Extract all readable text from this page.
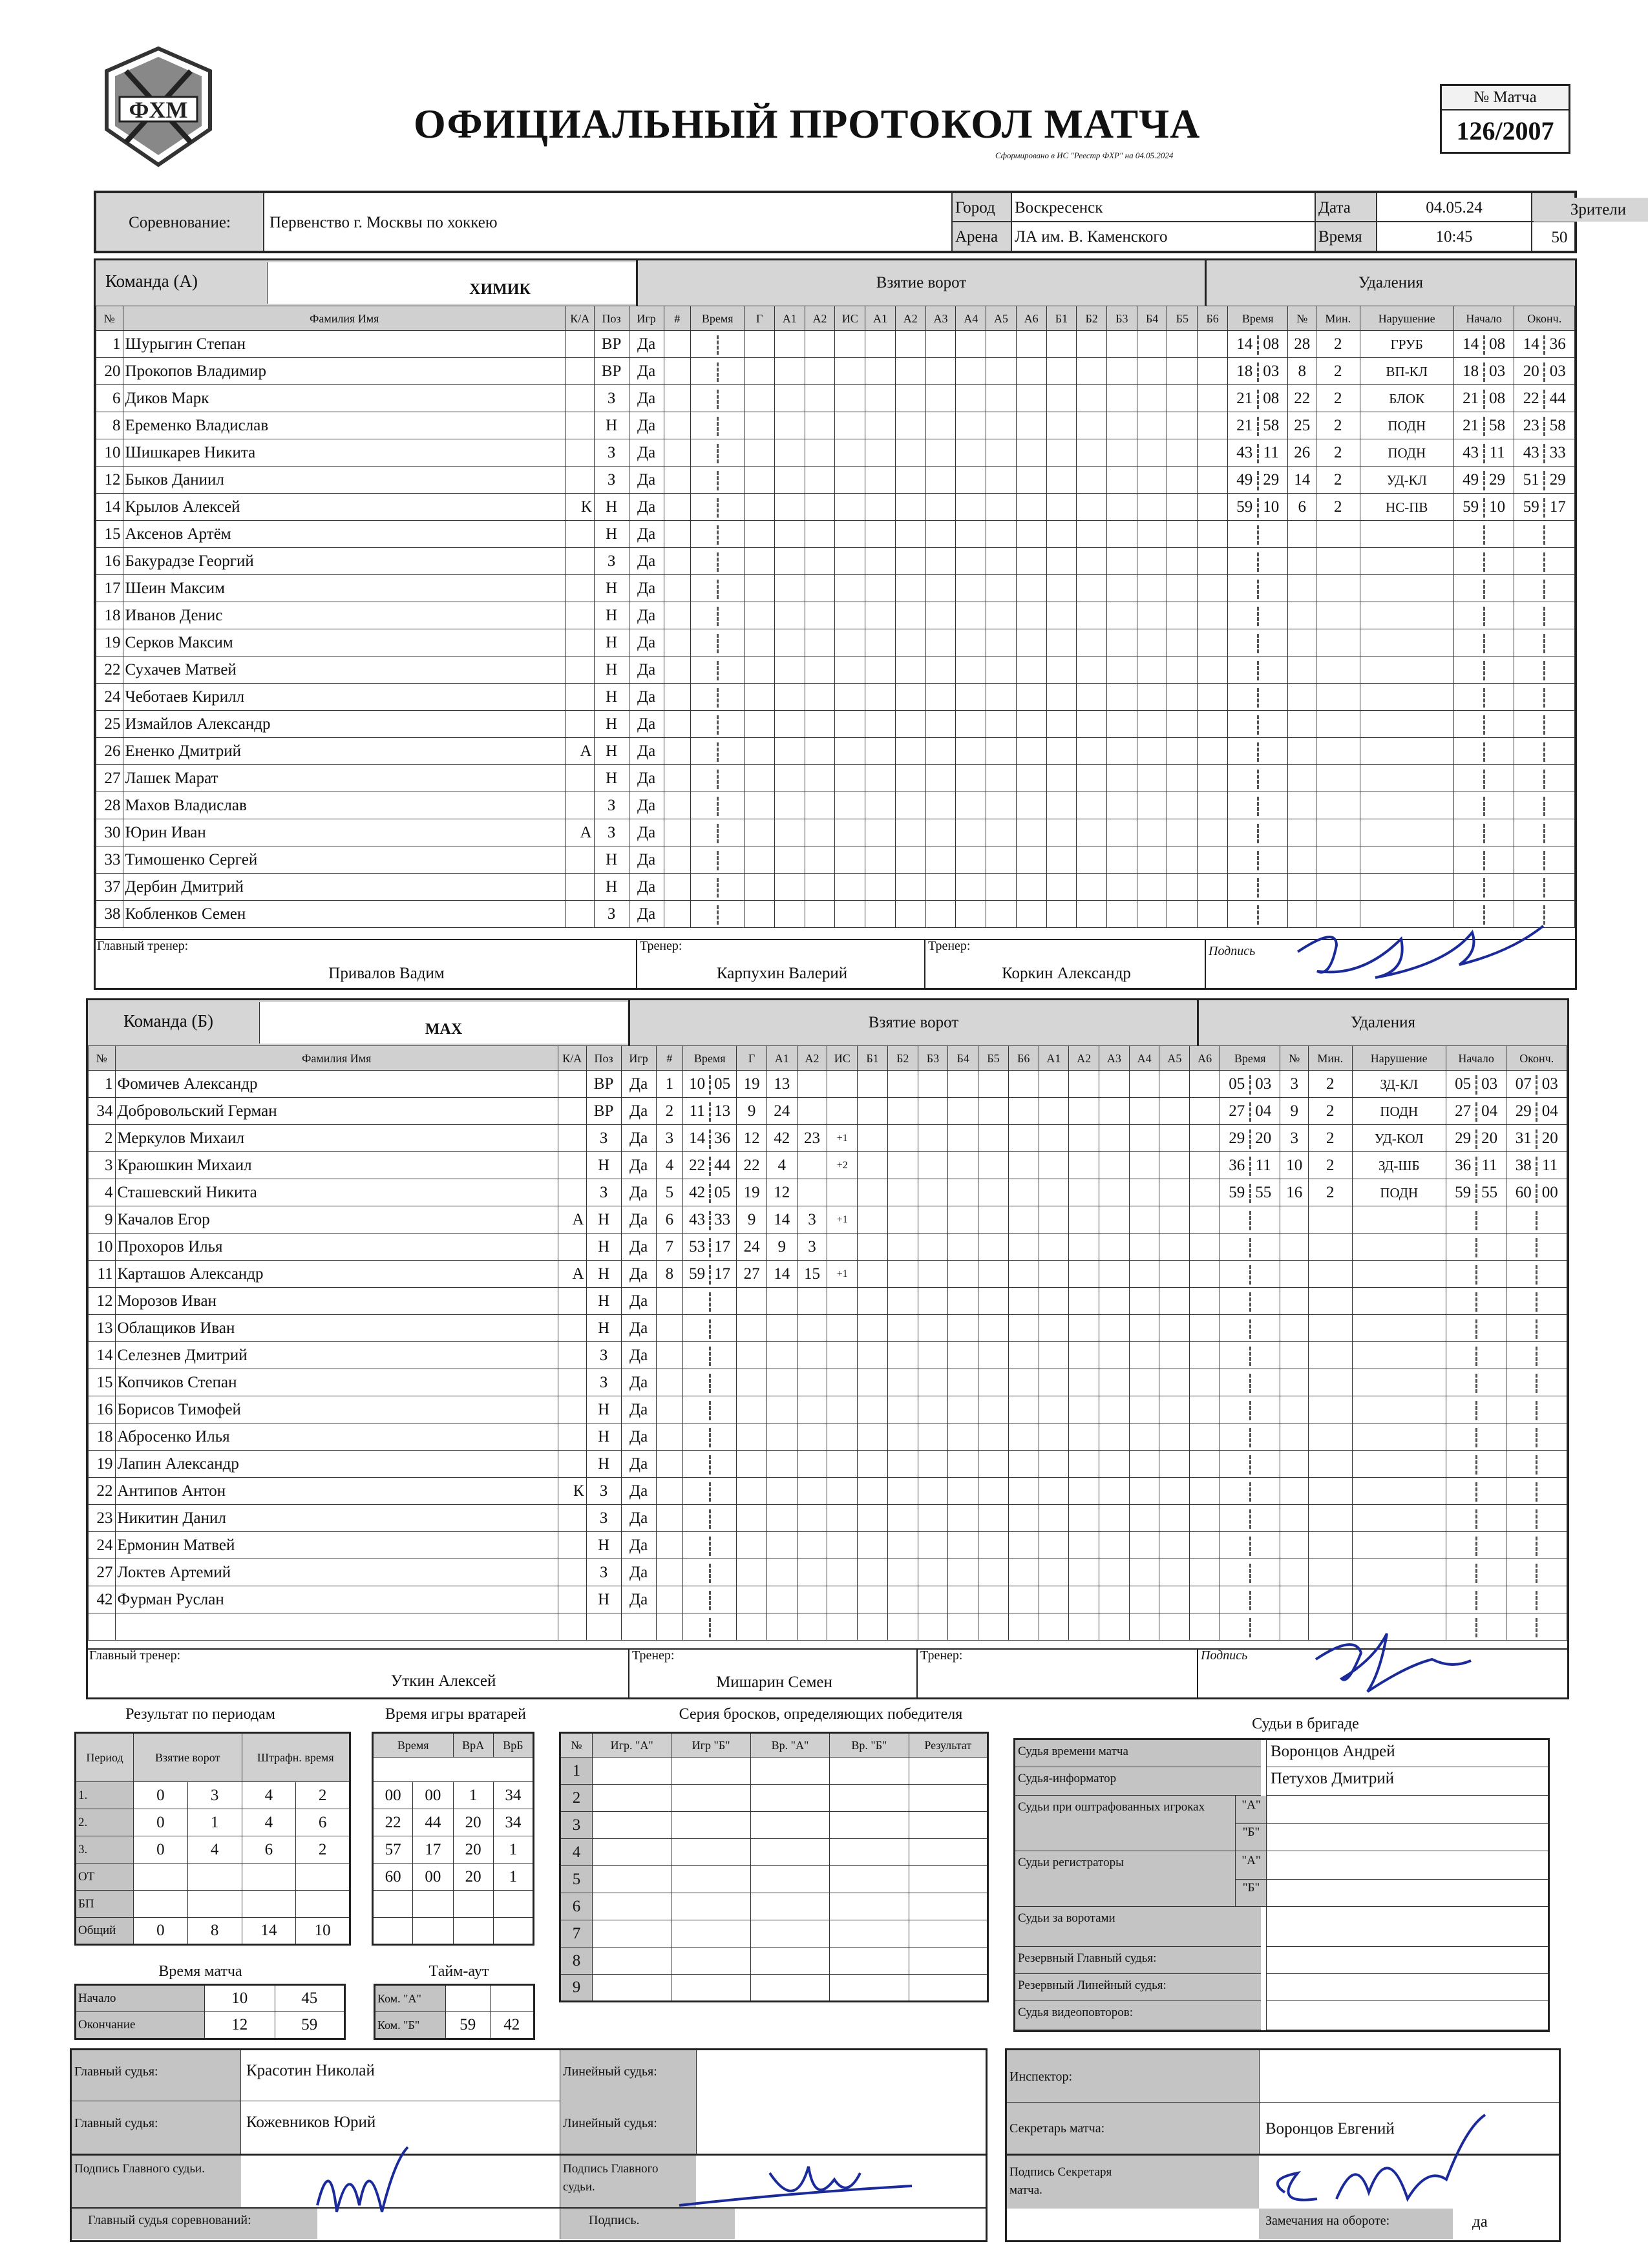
ФХМ	ОФИЦИАЛЬНЫЙ ПРОТОКОЛ МАТЧА
Сформировано в ИС "Реестр ФХР" на 04.05.2024
№ Матча
126/2007
Соревнование:	Первенство г. Москвы по хоккею
Город	Воскресенск
Арена	ЛА им. В. Каменского
Дата	04.05.24
Время	10:45
Зрители
50
Команда (А)	ХИМИК	Взятие ворот	Удаления
№	Фамилия Имя	К/А	Поз	Игр	#	Время	Г	А1	А2	ИС	А1	А2	А3	А4	А5	А6	Б1	Б2	Б3	Б4	Б5	Б6	Время	№	Мин.	Нарушение	Начало	Оконч.
1	Шурыгин Степан		ВР	Да																			14 08	28	2	ГРУБ	14 08	14 36
20	Прокопов Владимир		ВР	Да																			18 03	8	2	ВП-КЛ	18 03	20 03
6	Диков Марк		З	Да																			21 08	22	2	БЛОК	21 08	22 44
8	Еременко Владислав		Н	Да																			21 58	25	2	ПОДН	21 58	23 58
10	Шишкарев Никита		З	Да																			43 11	26	2	ПОДН	43 11	43 33
12	Быков Даниил		З	Да																			49 29	14	2	УД-КЛ	49 29	51 29
14	Крылов Алексей	К	Н	Да																			59 10	6	2	НС-ПВ	59 10	59 17
15	Аксенов Артём		Н	Да																								
16	Бакурадзе Георгий		З	Да																								
17	Шеин Максим		Н	Да																								
18	Иванов Денис		Н	Да																								
19	Серков Максим		Н	Да																								
22	Сухачев Матвей		Н	Да																								
24	Чеботаев Кирилл		Н	Да																								
25	Измайлов Александр		Н	Да																								
26	Ененко Дмитрий	А	Н	Да																								
27	Лашек Марат		Н	Да																								
28	Махов Владислав		З	Да																								
30	Юрин Иван	А	З	Да																								
33	Тимошенко Сергей		Н	Да																								
37	Дербин Дмитрий		Н	Да																								
38	Кобленков Семен		З	Да																								
Главный тренер:
Привалов Вадим
Тренер:
Карпухин Валерий
Тренер:
Коркин Александр
Подпись
Команда (Б)	МАХ	Взятие ворот	Удаления
№	Фамилия Имя	К/А	Поз	Игр	#	Время	Г	А1	А2	ИС	Б1	Б2	Б3	Б4	Б5	Б6	А1	А2	А3	А4	А5	А6	Время	№	Мин.	Нарушение	Начало	Оконч.
1	Фомичев Александр		ВР	Да	1	10 05	19	13															05 03	3	2	ЗД-КЛ	05 03	07 03
34	Добровольский Герман		ВР	Да	2	11 13	9	24															27 04	9	2	ПОДН	27 04	29 04
2	Меркулов Михаил		З	Да	3	14 36	12	42	23	+1													29 20	3	2	УД-КОЛ	29 20	31 20
3	Краюшкин Михаил		Н	Да	4	22 44	22	4		+2													36 11	10	2	ЗД-ШБ	36 11	38 11
4	Сташевский Никита		З	Да	5	42 05	19	12															59 55	16	2	ПОДН	59 55	60 00
9	Качалов Егор	А	Н	Да	6	43 33	9	14	3	+1																		
10	Прохоров Илья		Н	Да	7	53 17	24	9	3																			
11	Карташов Александр	А	Н	Да	8	59 17	27	14	15	+1																		
12	Морозов Иван		Н	Да																								
13	Облащиков Иван		Н	Да																								
14	Селезнев Дмитрий		З	Да																								
15	Копчиков Степан		З	Да																								
16	Борисов Тимофей		Н	Да																								
18	Абросенко Илья		Н	Да																								
19	Лапин Александр		Н	Да																								
22	Антипов Антон	К	З	Да																								
23	Никитин Данил		З	Да																								
24	Ермонин Матвей		Н	Да																								
27	Локтев Артемий		З	Да																								
42	Фурман Руслан		Н	Да																								

Главный тренер:
Уткин Алексей
Тренер:
Мишарин Семен
Тренер:	Подпись
Результат по периодам
Период	Взятие ворот		Штрафн. время	
1.	0	3	4	2
2.	0	1	4	6
3.	0	4	6	2
ОТ				
БП				
Общий	0	8	14	10
Время игры вратарей
Время		ВрА	ВрБ

00	00	1	34
22	44	20	34
57	17	20	1
60	00	20	1

Серия бросков, определяющих победителя
№	Игр. "А"	Игр "Б"	Вр. "А"	Вр. "Б"	Результат
1					
2					
3					
4					
5					
6					
7					
8					
9					
Время матча
Начало	10	45
Окончание	12	59
Тайм-аут
Ком. "А"		
Ком. "Б"	59	42
Судьи в бригаде
Судья времени матча	Воронцов Андрей
Судья-информатор	Петухов Дмитрий
Судьи при оштрафованных игроках	"А"
"Б"
Судьи регистраторы	"А"
"Б"
Судьи за воротами
Резервный Главный судья:
Резервный Линейный судья:
Судья видеоповторов:
Главный судья:	Красотин Николай
Главный судья:	Кожевников Юрий
Линейный судья:
Линейный судья:
Подпись Главного судьи.	Подпись Главного судьи.
Главный судья соревнований:	Подпись.
Инспектор:
Секретарь матча:	Воронцов Евгений
Подпись Секретаря матча.
Замечания на обороте:	да
